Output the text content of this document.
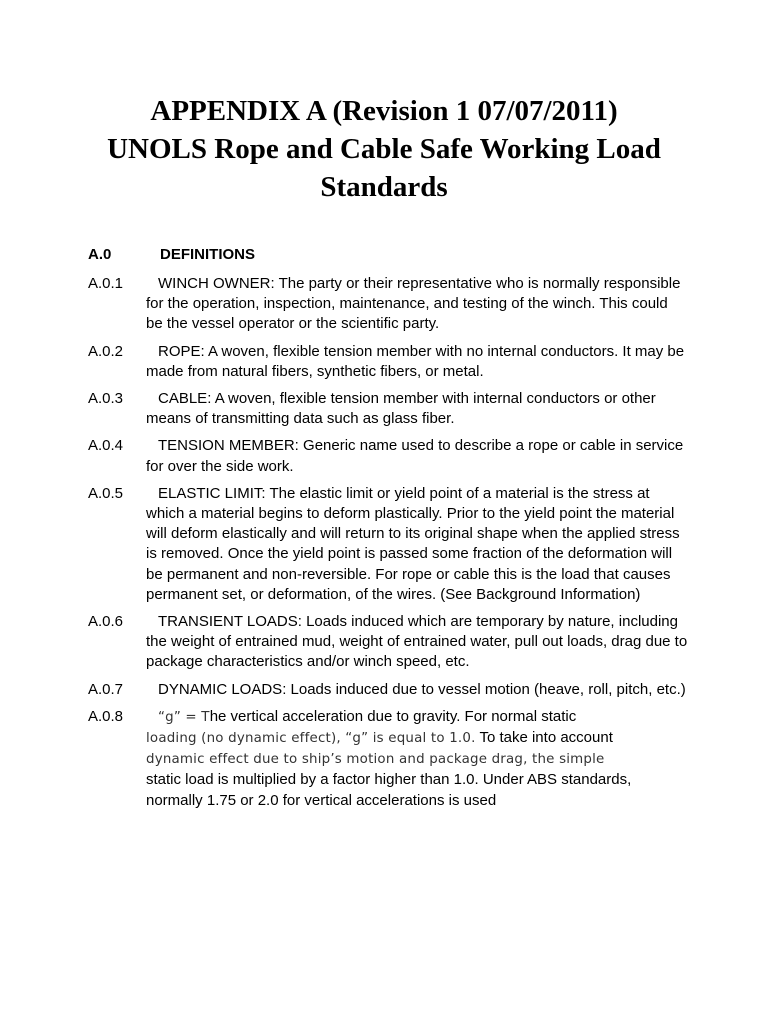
APPENDIX A (Revision 1 07/07/2011)
UNOLS Rope and Cable Safe Working Load
Standards
A.0	DEFINITIONS
A.0.1	WINCH OWNER: The party or their representative who is normally responsible for the operation, inspection, maintenance, and testing of the winch. This could be the vessel operator or the scientific party.
A.0.2	ROPE: A woven, flexible tension member with no internal conductors. It may be made from natural fibers, synthetic fibers, or metal.
A.0.3	CABLE: A woven, flexible tension member with internal conductors or other means of transmitting data such as glass fiber.
A.0.4	TENSION MEMBER: Generic name used to describe a rope or cable in service for over the side work.
A.0.5	ELASTIC LIMIT: The elastic limit or yield point of a material is the stress at which a material begins to deform plastically. Prior to the yield point the material will deform elastically and will return to its original shape when the applied stress is removed. Once the yield point is passed some fraction of the deformation will be permanent and non-reversible. For rope or cable this is the load that causes permanent set, or deformation, of the wires. (See Background Information)
A.0.6	TRANSIENT LOADS: Loads induced which are temporary by nature, including the weight of entrained mud, weight of entrained water, pull out loads, drag due to package characteristics and/or winch speed, etc.
A.0.7	DYNAMIC LOADS: Loads induced due to vessel motion (heave, roll, pitch, etc.)
A.0.8	“g” = The vertical acceleration due to gravity. For normal static
loading (no dynamic effect), “g” is equal to 1.0. To take into account
dynamic effect due to ship’s motion and package drag, the simple
static load is multiplied by a factor higher than 1.0. Under ABS standards, normally 1.75 or 2.0 for vertical accelerations is used
